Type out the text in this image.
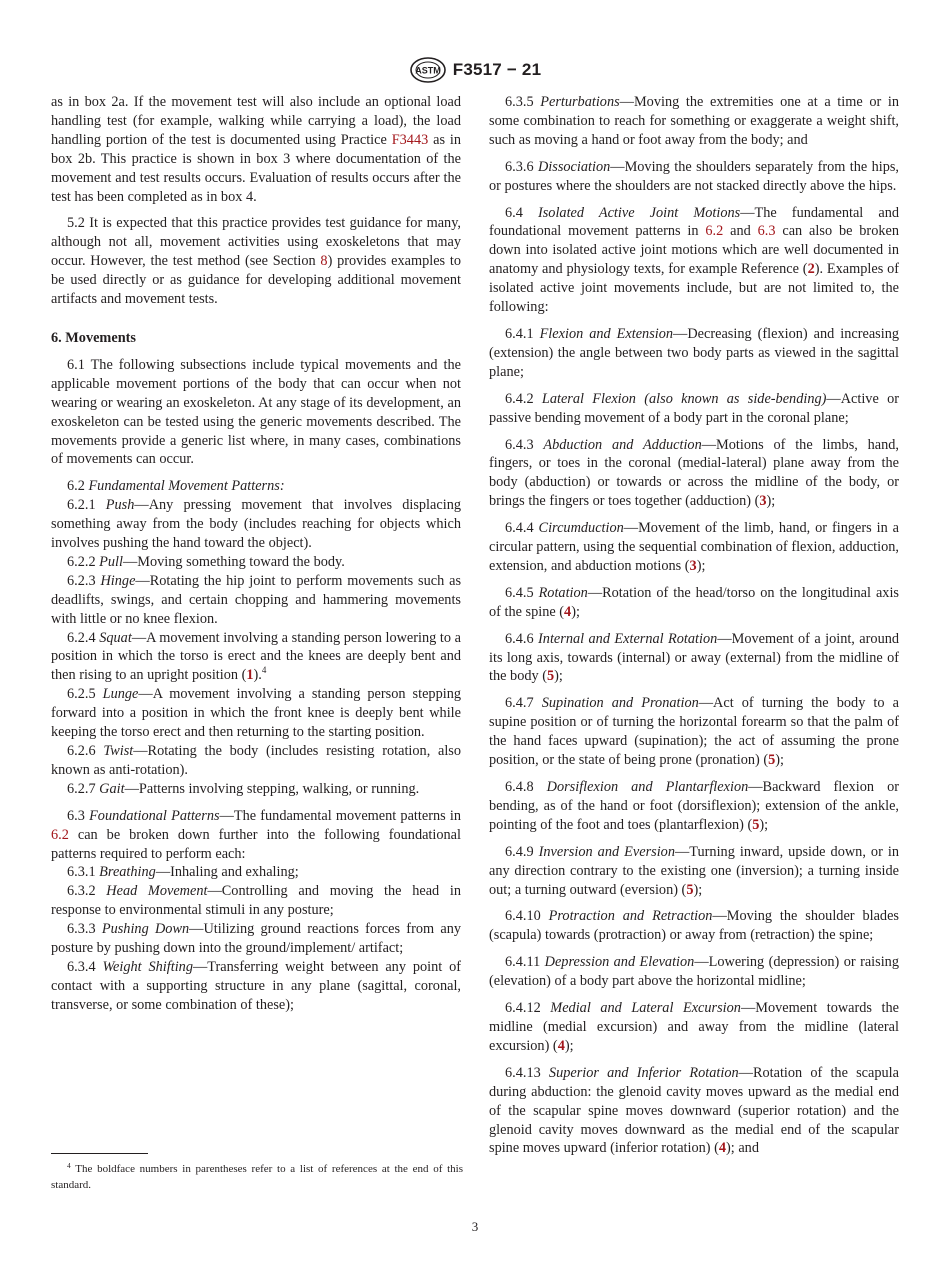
ASTM F3517 − 21

as in box 2a. If the movement test will also include an optional load handling test (for example, walking while carrying a load), the load handling portion of the test is documented using Practice F3443 as in box 2b. This practice is shown in box 3 where documentation of the movement and test results occurs. Evaluation of results occurs after the test has been completed as in box 4.

5.2 It is expected that this practice provides test guidance for many, although not all, movement activities using exoskeletons that may occur. However, the test method (see Section 8) provides examples to be used directly or as guidance for developing additional movement artifacts and movement tests.

6. Movements

6.1 The following subsections include typical movements and the applicable movement portions of the body that can occur when not wearing or wearing an exoskeleton. At any stage of its development, an exoskeleton can be tested using the generic movements described. The movements provide a generic list where, in many cases, combinations of movements can occur.

6.2 Fundamental Movement Patterns:

6.2.1 Push—Any pressing movement that involves displacing something away from the body (includes reaching for objects which involves pushing the hand toward the object).

6.2.2 Pull—Moving something toward the body.

6.2.3 Hinge—Rotating the hip joint to perform movements such as deadlifts, swings, and certain chopping and hammering movements with little or no knee flexion.

6.2.4 Squat—A movement involving a standing person lowering to a position in which the torso is erect and the knees are deeply bent and then rising to an upright position (1).$^4$

6.2.5 Lunge—A movement involving a standing person stepping forward into a position in which the front knee is deeply bent while keeping the torso erect and then returning to the starting position.

6.2.6 Twist—Rotating the body (includes resisting rotation, also known as anti-rotation).

6.2.7 Gait—Patterns involving stepping, walking, or running.

6.3 Foundational Patterns—The fundamental movement patterns in 6.2 can be broken down further into the following foundational patterns required to perform each:

6.3.1 Breathing—Inhaling and exhaling;

6.3.2 Head Movement—Controlling and moving the head in response to environmental stimuli in any posture;

6.3.3 Pushing Down—Utilizing ground reactions forces from any posture by pushing down into the ground/implement/ artifact;

6.3.4 Weight Shifting—Transferring weight between any point of contact with a supporting structure in any plane (sagittal, coronal, transverse, or some combination of these);

6.3.5 Perturbations—Moving the extremities one at a time or in some combination to reach for something or exaggerate a weight shift, such as moving a hand or foot away from the body; and

6.3.6 Dissociation—Moving the shoulders separately from the hips, or postures where the shoulders are not stacked directly above the hips.

6.4 Isolated Active Joint Motions—The fundamental and foundational movement patterns in 6.2 and 6.3 can also be broken down into isolated active joint motions which are well documented in anatomy and physiology texts, for example Reference (2). Examples of isolated active joint movements include, but are not limited to, the following:

6.4.1 Flexion and Extension—Decreasing (flexion) and increasing (extension) the angle between two body parts as viewed in the sagittal plane;

6.4.2 Lateral Flexion (also known as side-bending)—Active or passive bending movement of a body part in the coronal plane;

6.4.3 Abduction and Adduction—Motions of the limbs, hand, fingers, or toes in the coronal (medial-lateral) plane away from the body (abduction) or towards or across the midline of the body, or brings the fingers or toes together (adduction) (3);

6.4.4 Circumduction—Movement of the limb, hand, or fingers in a circular pattern, using the sequential combination of flexion, adduction, extension, and abduction motions (3);

6.4.5 Rotation—Rotation of the head/torso on the longitudinal axis of the spine (4);

6.4.6 Internal and External Rotation—Movement of a joint, around its long axis, towards (internal) or away (external) from the midline of the body (5);

6.4.7 Supination and Pronation—Act of turning the body to a supine position or of turning the horizontal forearm so that the palm of the hand faces upward (supination); the act of assuming the prone position, or the state of being prone (pronation) (5);

6.4.8 Dorsiflexion and Plantarflexion—Backward flexion or bending, as of the hand or foot (dorsiflexion); extension of the ankle, pointing of the foot and toes (plantarflexion) (5);

6.4.9 Inversion and Eversion—Turning inward, upside down, or in any direction contrary to the existing one (inversion); a turning inside out; a turning outward (eversion) (5);

6.4.10 Protraction and Retraction—Moving the shoulder blades (scapula) towards (protraction) or away from (retraction) the spine;

6.4.11 Depression and Elevation—Lowering (depression) or raising (elevation) of a body part above the horizontal midline;

6.4.12 Medial and Lateral Excursion—Movement towards the midline (medial excursion) and away from the midline (lateral excursion) (4);

6.4.13 Superior and Inferior Rotation—Rotation of the scapula during abduction: the glenoid cavity moves upward as the medial end of the scapular spine moves downward (superior rotation) and the glenoid cavity moves downward as the medial end of the scapular spine moves upward (inferior rotation) (4); and

$^4$ The boldface numbers in parentheses refer to a list of references at the end of this standard.
3
